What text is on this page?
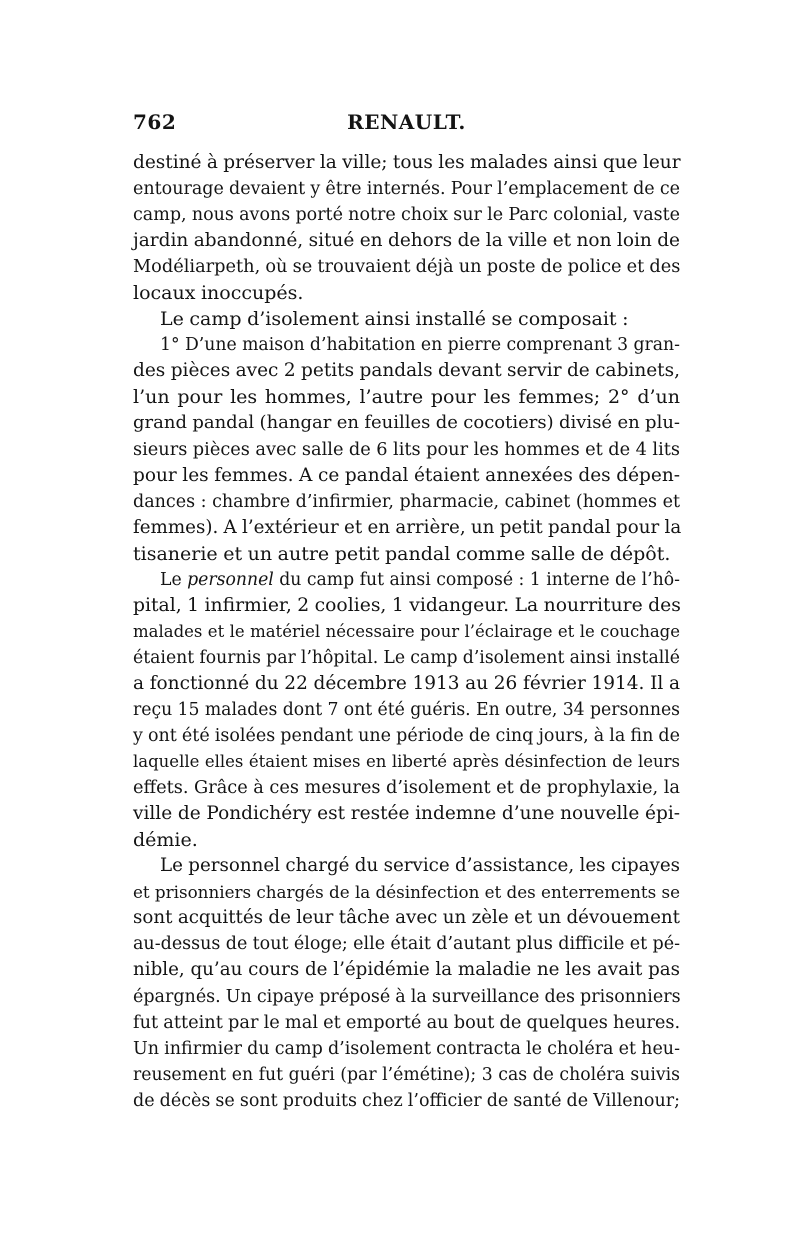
762	RENAULT.
destiné à préserver la ville; tous les malades ainsi que leur
entourage devaient y être internés. Pour l’emplacement de ce
camp, nous avons porté notre choix sur le Parc colonial, vaste
jardin abandonné, situé en dehors de la ville et non loin de
Modéliarpeth, où se trouvaient déjà un poste de police et des
locaux inoccupés.
Le camp d’isolement ainsi installé se composait :
1° D’une maison d’habitation en pierre comprenant 3 gran-
des pièces avec 2 petits pandals devant servir de cabinets,
l’un pour les hommes, l’autre pour les femmes; 2° d’un
grand pandal (hangar en feuilles de cocotiers) divisé en plu-
sieurs pièces avec salle de 6 lits pour les hommes et de 4 lits
pour les femmes. A ce pandal étaient annexées des dépen-
dances : chambre d’infirmier, pharmacie, cabinet (hommes et
femmes). A l’extérieur et en arrière, un petit pandal pour la
tisanerie et un autre petit pandal comme salle de dépôt.
Le personnel du camp fut ainsi composé : 1 interne de l’hô-
pital, 1 infirmier, 2 coolies, 1 vidangeur. La nourriture des
malades et le matériel nécessaire pour l’éclairage et le couchage
étaient fournis par l’hôpital. Le camp d’isolement ainsi installé
a fonctionné du 22 décembre 1913 au 26 février 1914. Il a
reçu 15 malades dont 7 ont été guéris. En outre, 34 personnes
y ont été isolées pendant une période de cinq jours, à la fin de
laquelle elles étaient mises en liberté après désinfection de leurs
effets. Grâce à ces mesures d’isolement et de prophylaxie, la
ville de Pondichéry est restée indemne d’une nouvelle épi-
démie.
Le personnel chargé du service d’assistance, les cipayes
et prisonniers chargés de la désinfection et des enterrements se
sont acquittés de leur tâche avec un zèle et un dévouement
au-dessus de tout éloge; elle était d’autant plus difficile et pé-
nible, qu’au cours de l’épidémie la maladie ne les avait pas
épargnés. Un cipaye préposé à la surveillance des prisonniers
fut atteint par le mal et emporté au bout de quelques heures.
Un infirmier du camp d’isolement contracta le choléra et heu-
reusement en fut guéri (par l’émétine); 3 cas de choléra suivis
de décès se sont produits chez l’officier de santé de Villenour;
